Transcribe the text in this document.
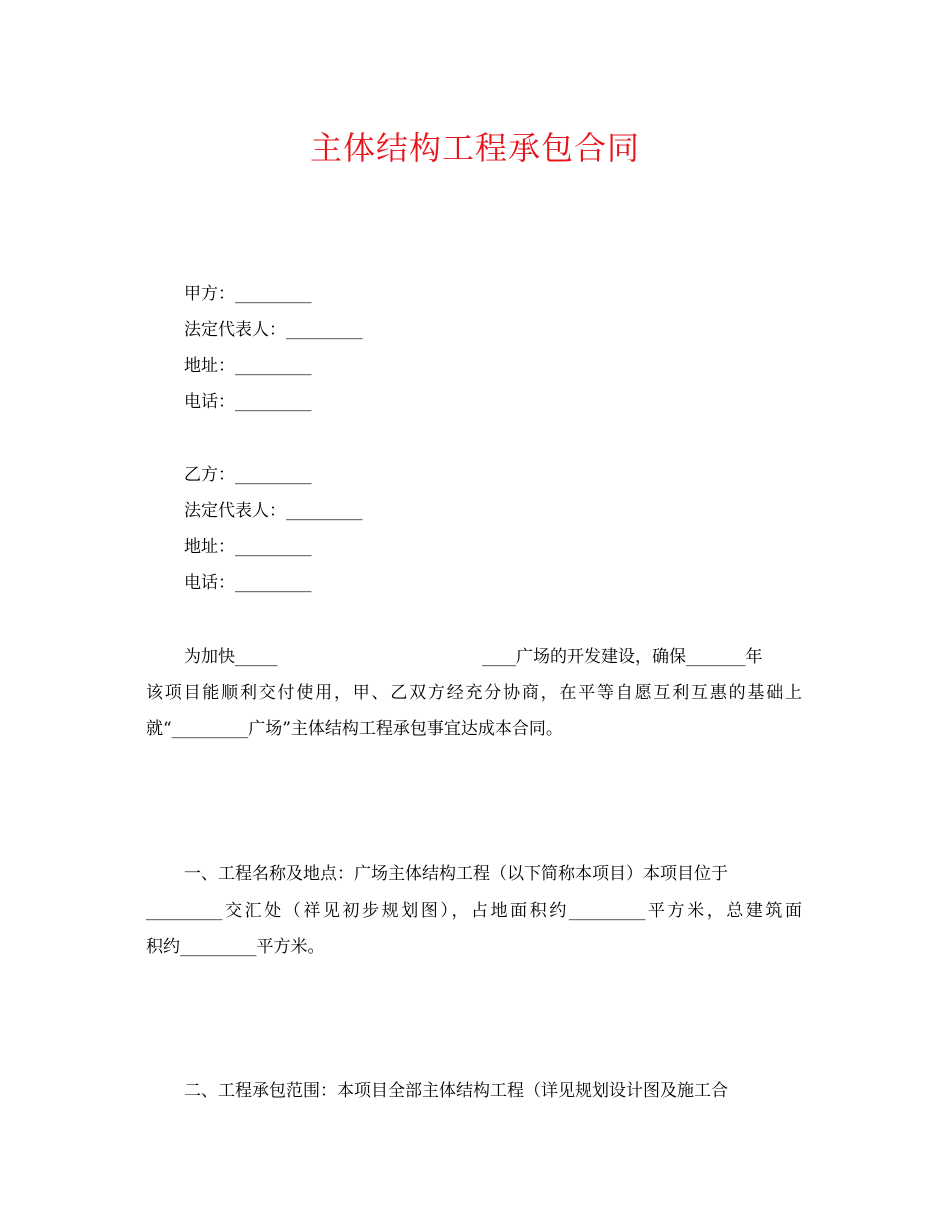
主体结构工程承包合同
甲方：_________
法定代表人：_________
地址：_________
电话：_________
乙方：_________
法定代表人：_________
地址：_________
电话：_________
为加快_____	____广场的开发建设，确保_______年
该项目能顺利交付使用，甲、乙双方经充分协商，在平等自愿互利互惠的基础上
就“_________广场”主体结构工程承包事宜达成本合同。
一、工程名称及地点：广场主体结构工程（以下简称本项目）本项目位于
_________交汇处（祥见初步规划图），占地面积约_________平方米，总建筑面
积约_________平方米。
二、工程承包范围：本项目全部主体结构工程（详见规划设计图及施工合
